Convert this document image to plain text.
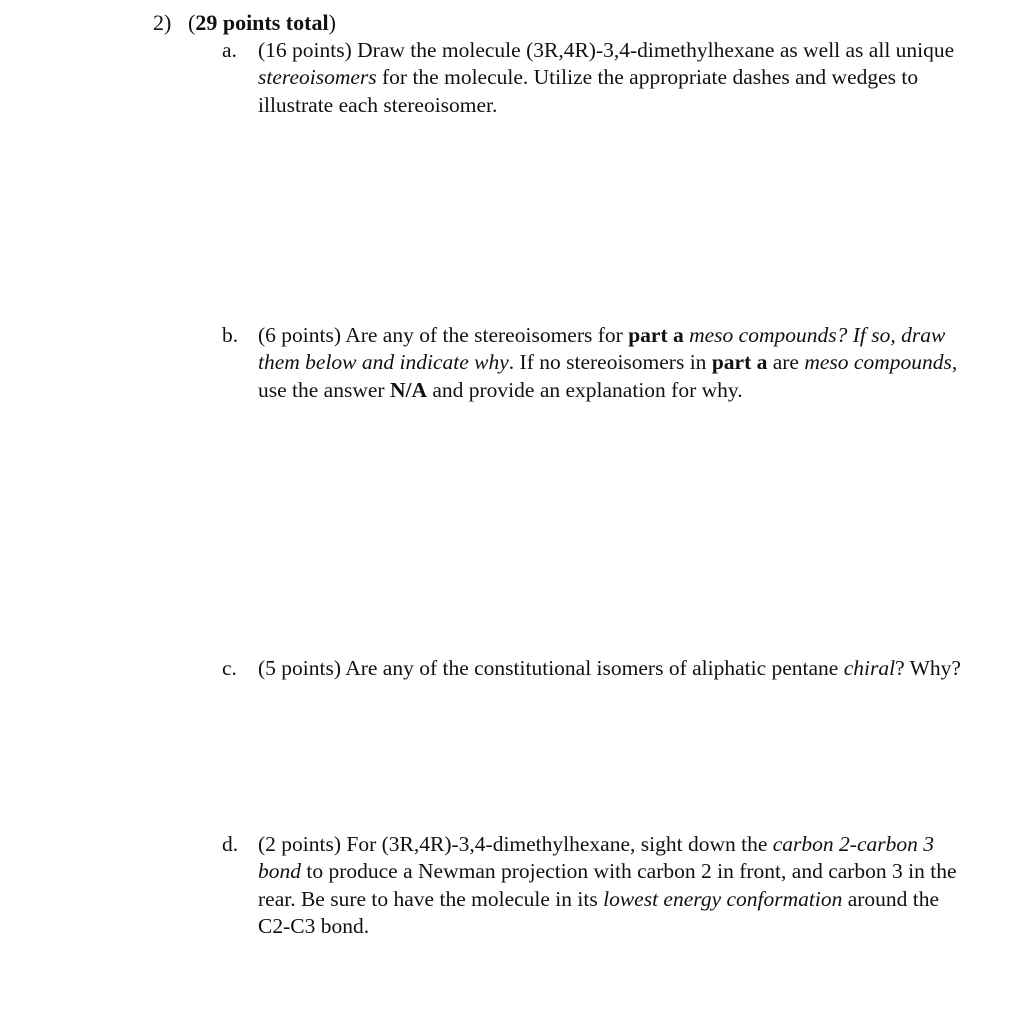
2) (29 points total)
a. (16 points) Draw the molecule (3R,4R)-3,4-dimethylhexane as well as all unique stereoisomers for the molecule. Utilize the appropriate dashes and wedges to illustrate each stereoisomer.
b. (6 points) Are any of the stereoisomers for part a meso compounds? If so, draw them below and indicate why. If no stereoisomers in part a are meso compounds, use the answer N/A and provide an explanation for why.
c. (5 points) Are any of the constitutional isomers of aliphatic pentane chiral? Why?
d. (2 points) For (3R,4R)-3,4-dimethylhexane, sight down the carbon 2-carbon 3 bond to produce a Newman projection with carbon 2 in front, and carbon 3 in the rear. Be sure to have the molecule in its lowest energy conformation around the C2-C3 bond.
